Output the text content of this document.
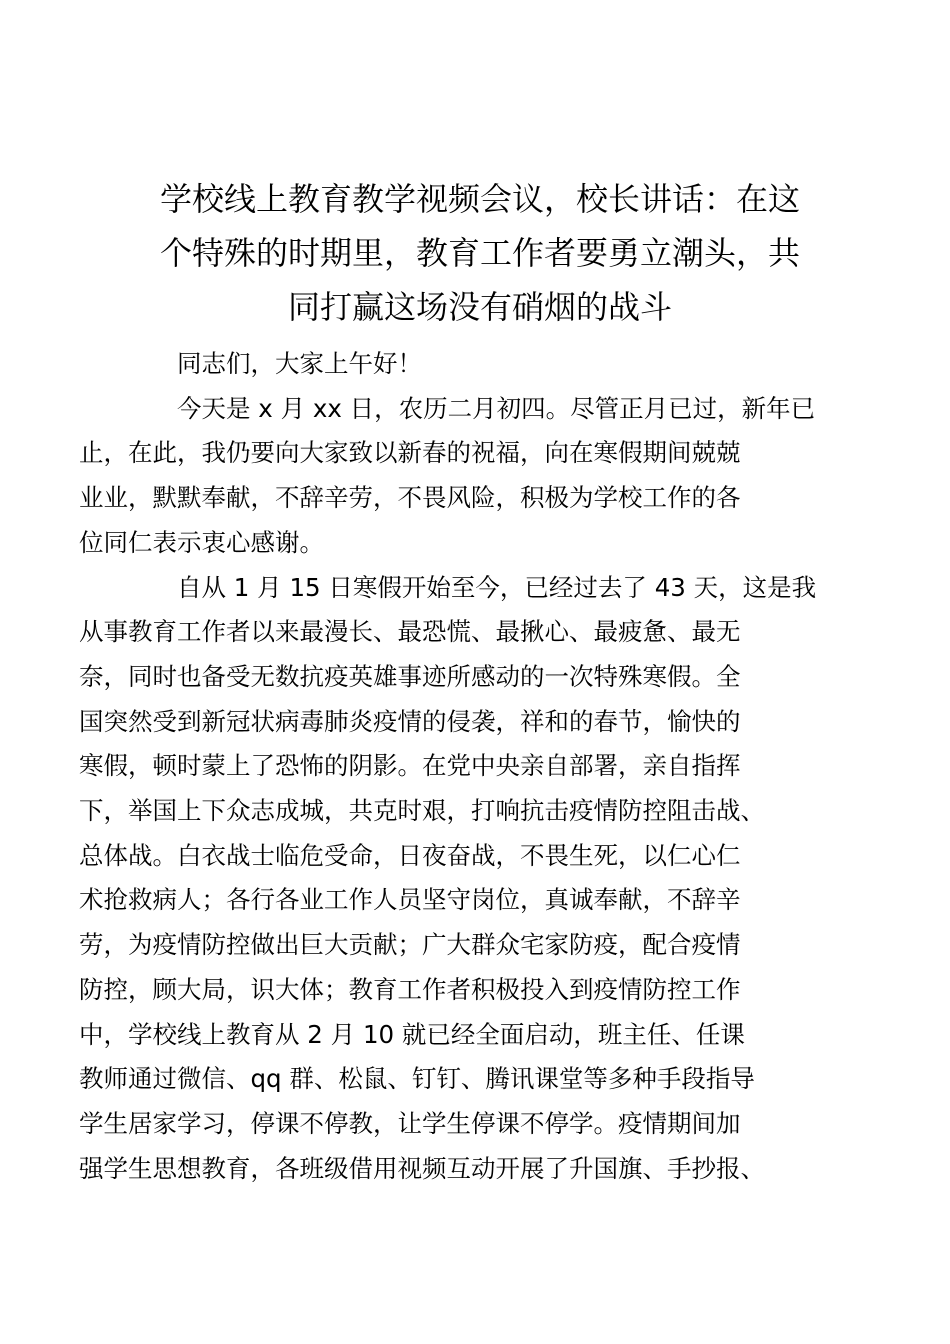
学校线上教育教学视频会议，校长讲话：在这
个特殊的时期里，教育工作者要勇立潮头，共
同打赢这场没有硝烟的战斗

同志们，大家上午好！

今天是 x 月 xx 日，农历二月初四。尽管正月已过，新年已
止，在此，我仍要向大家致以新春的祝福，向在寒假期间兢兢
业业，默默奉献，不辞辛劳，不畏风险，积极为学校工作的各
位同仁表示衷心感谢。

自从 1 月 15 日寒假开始至今，已经过去了 43 天，这是我
从事教育工作者以来最漫长、最恐慌、最揪心、最疲惫、最无
奈，同时也备受无数抗疫英雄事迹所感动的一次特殊寒假。全
国突然受到新冠状病毒肺炎疫情的侵袭，祥和的春节，愉快的
寒假，顿时蒙上了恐怖的阴影。在党中央亲自部署，亲自指挥
下，举国上下众志成城，共克时艰，打响抗击疫情防控阻击战、
总体战。白衣战士临危受命，日夜奋战，不畏生死，以仁心仁
术抢救病人；各行各业工作人员坚守岗位，真诚奉献，不辞辛
劳，为疫情防控做出巨大贡献；广大群众宅家防疫，配合疫情
防控，顾大局，识大体；教育工作者积极投入到疫情防控工作
中，学校线上教育从 2 月 10 就已经全面启动，班主任、任课
教师通过微信、qq 群、松鼠、钉钉、腾讯课堂等多种手段指导
学生居家学习，停课不停教，让学生停课不停学。疫情期间加
强学生思想教育，各班级借用视频互动开展了升国旗、手抄报、
